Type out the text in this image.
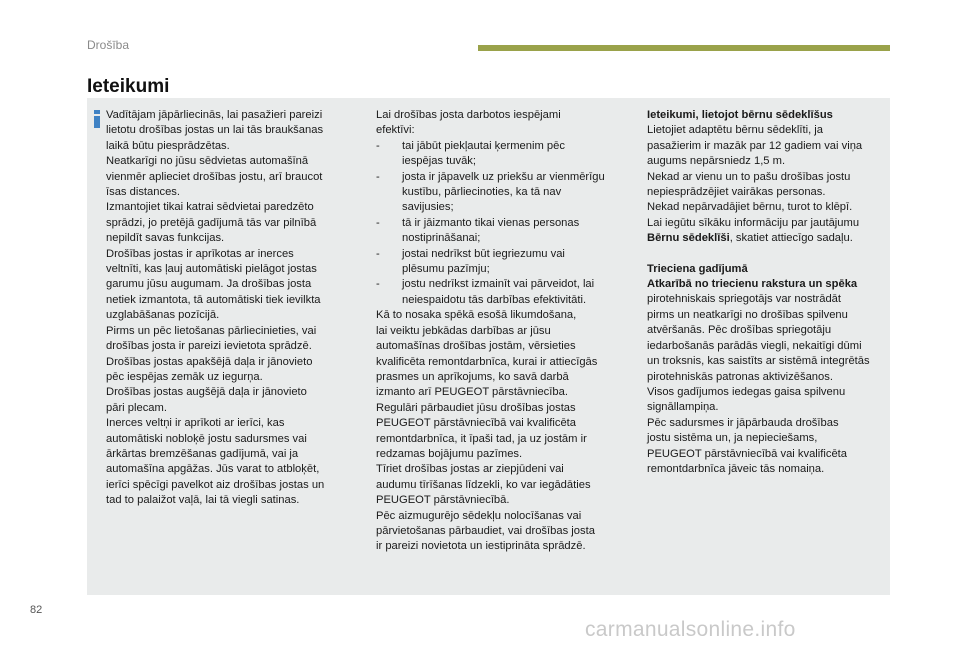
Drošība
Ieteikumi

Vadītājam jāpārliecinās, lai pasažieri pareizi

lietotu drošības jostas un lai tās braukšanas

laikā būtu piesprādzētas.

Neatkarīgi no jūsu sēdvietas automašīnā

vienmēr aplieciet drošības jostu, arī braucot

īsas distances.

Izmantojiet tikai katrai sēdvietai paredzēto

sprādzi, jo pretējā gadījumā tās var pilnībā

nepildīt savas funkcijas.

Drošības jostas ir aprīkotas ar inerces

veltnīti, kas ļauj automātiski pielāgot jostas

garumu jūsu augumam. Ja drošības josta

netiek izmantota, tā automātiski tiek ievilkta

uzglabāšanas pozīcijā.

Pirms un pēc lietošanas pārliecinieties, vai

drošības josta ir pareizi ievietota sprādzē.

Drošības jostas apakšējā daļa ir jānovieto

pēc iespējas zemāk uz iegurņa.

Drošības jostas augšējā daļa ir jānovieto

pāri plecam.

Inerces veltņi ir aprīkoti ar ierīci, kas

automātiski nobloķē jostu sadursmes vai

ārkārtas bremzēšanas gadījumā, vai ja

automašīna apgāžas. Jūs varat to atbloķēt,

ierīci spēcīgi pavelkot aiz drošības jostas un

tad to palaižot vaļā, lai tā viegli satinas.

Lai drošības josta darbotos iespējami

efektīvi:

- tai jābūt piekļautai ķermenim pēc

iespējas tuvāk;

- josta ir jāpavelk uz priekšu ar vienmērīgu

kustību, pārliecinoties, ka tā nav

savijusies;

- tā ir jāizmanto tikai vienas personas

nostiprināšanai;

- jostai nedrīkst būt iegriezumu vai

plēsumu pazīmju;

- jostu nedrīkst izmainīt vai pārveidot, lai

neiespaidotu tās darbības efektivitāti.

Kā to nosaka spēkā esošā likumdošana,

lai veiktu jebkādas darbības ar jūsu

automašīnas drošības jostām, vērsieties

kvalificēta remontdarbnīca, kurai ir attiecīgās

prasmes un aprīkojums, ko savā darbā

izmanto arī PEUGEOT pārstāvniecība.

Regulāri pārbaudiet jūsu drošības jostas

PEUGEOT pārstāvniecībā vai kvalificēta

remontdarbnīca, it īpaši tad, ja uz jostām ir

redzamas bojājumu pazīmes.

Tīriet drošības jostas ar ziepjūdeni vai

audumu tīrīšanas līdzekli, ko var iegādāties

PEUGEOT pārstāvniecībā.

Pēc aizmugurējo sēdekļu nolocīšanas vai

pārvietošanas pārbaudiet, vai drošības josta

ir pareizi novietota un iestiprināta sprādzē.

Ieteikumi, lietojot bērnu sēdeklīšus

Lietojiet adaptētu bērnu sēdeklīti, ja

pasažierim ir mazāk par 12 gadiem vai viņa

augums nepārsniedz 1,5 m.

Nekad ar vienu un to pašu drošības jostu

nepiesprādzējiet vairākas personas.

Nekad nepārvadājiet bērnu, turot to klēpī.

Lai iegūtu sīkāku informāciju par jautājumu

Bērnu sēdeklīši, skatiet attiecīgo sadaļu.

Trieciena gadījumā

Atkarībā no triecienu rakstura un spēka

pirotehniskais spriegotājs var nostrādāt

pirms un neatkarīgi no drošības spilvenu

atvēršanās. Pēc drošības spriegotāju

iedarbošanās parādās viegli, nekaitīgi dūmi

un troksnis, kas saistīts ar sistēmā integrētās

pirotehniskās patronas aktivizēšanos.

Visos gadījumos iedegas gaisa spilvenu

signāllampiņa.

Pēc sadursmes ir jāpārbauda drošības

jostu sistēma un, ja nepieciešams,

PEUGEOT pārstāvniecībā vai kvalificēta

remontdarbnīca jāveic tās nomaiņa.

82
carmanualsonline.info
